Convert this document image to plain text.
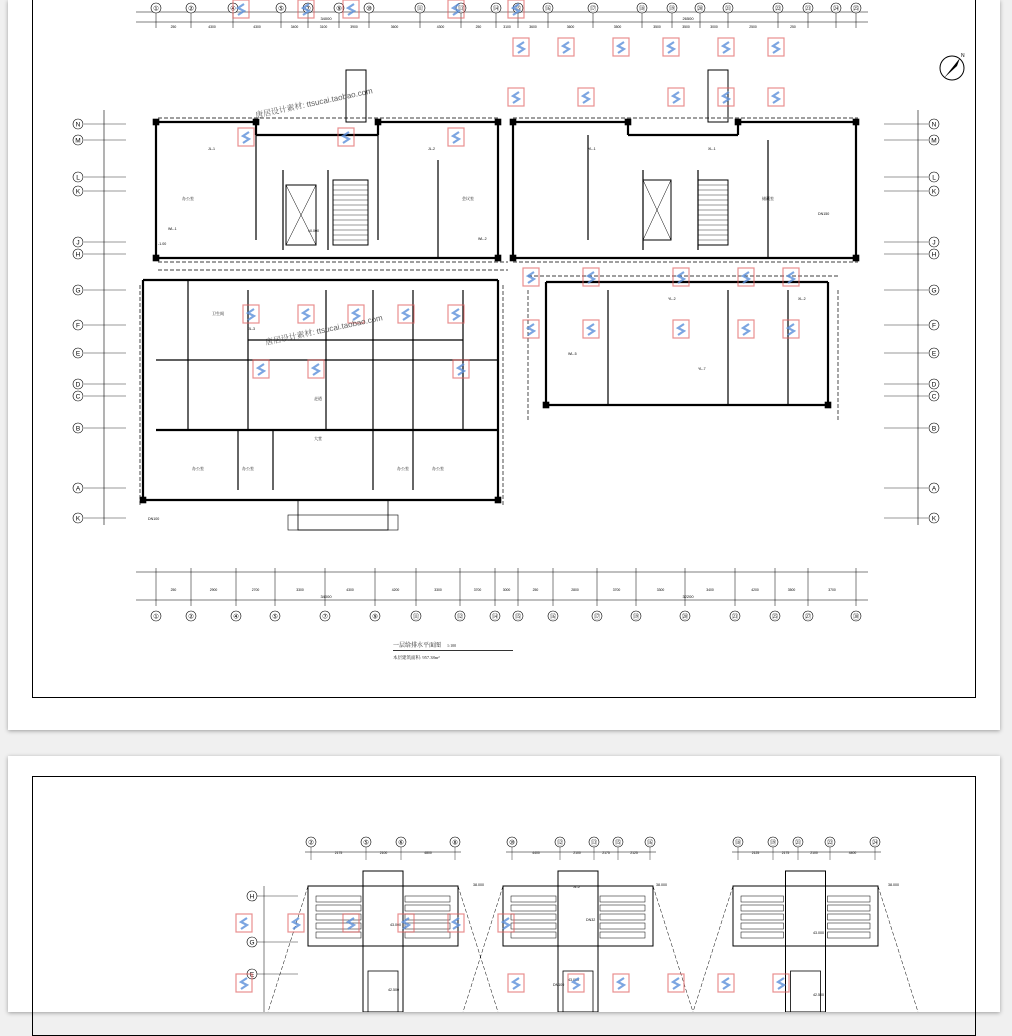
34000	26500
250	4300	4300	3400	3100	3900	3600	4300	250	3100	3600	3600	3500	3500	3500	3000	2500	250
①	②	④	⑤	⑦	⑨	⑩	⑪	⑬	⑭ ⑮	⑯	⑰	⑱	⑲	⑳	㉑	㉒	㉓	㉔ ㉕
250	2900	2700	3300	4300	4200	3300	3700	3000	250	2800	3700	3300	3400	4200	3500	3700
34000	32200
①	②	④	⑤	⑦	⑨	⑪	⑫	⑭	⑮	⑯	⑰	⑲	⑳	㉓	㉕	㉗	㉚
N	N
M	M
L	L
K	K
J	J
H	H
G	G
F	F
E	E
D	D
C	C
B	B
A	A
K	K
办公室	办公室	办公室	办公室
大堂
卫生间
走道
办公室	会议室	储藏室
JL-1	JL-2
WL-1
WL-2
YL-1
YL-2
XL-1
XL-2
JL-3
WL-5
YL-7
DN100
DN150
-1.00
±0.000
唐居设计素材: ttsucai.taobao.com
唐居设计素材: ttsucai.taobao.com
N
一层给排水平面图 1:100
本层建筑面积: 957.38m²
②
2175
⑤
2100
⑥
4800
⑧	⑩
4400
⑫
2100
⑬
2175
⑮
2125
⑯	⑱
2125
⑲
2175
㉑
2100
㉒
4400
㉔
H
G
E
38.000
43.000
42.500
38.000
43.000
38.000
43.000
42.500
DN32
DN100
JL-2
